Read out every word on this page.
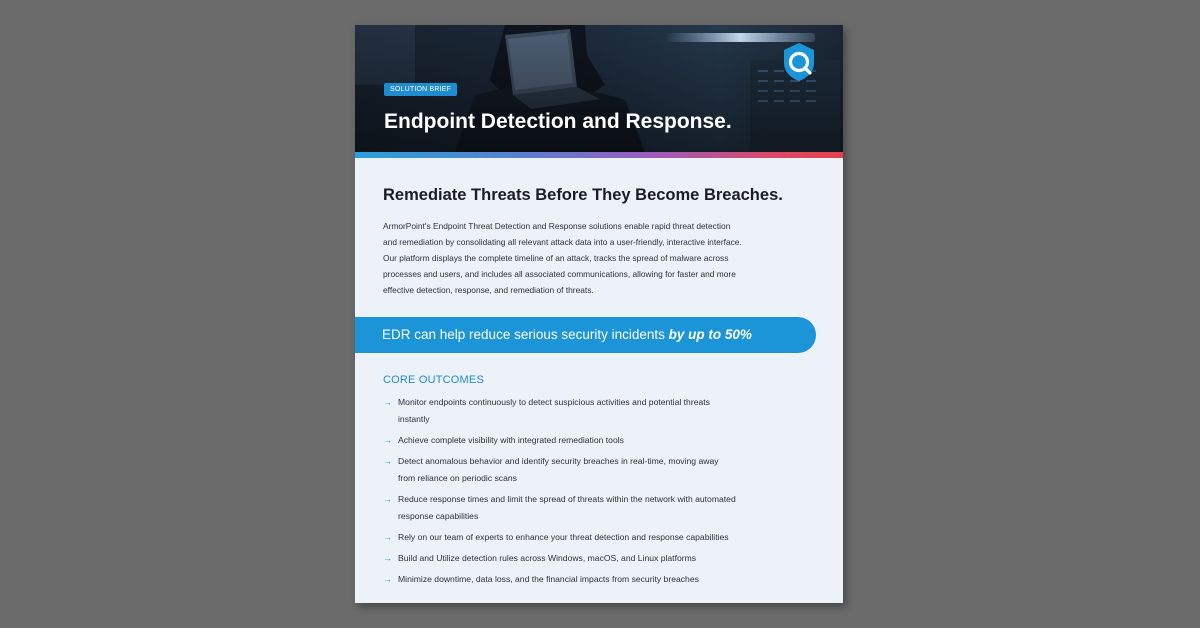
SOLUTION BRIEF
Endpoint Detection and Response.
Remediate Threats Before They Become Breaches.

ArmorPoint's Endpoint Threat Detection and Response solutions enable rapid threat detection

and remediation by consolidating all relevant attack data into a user-friendly, interactive interface.

Our platform displays the complete timeline of an attack, tracks the spread of malware across

processes and users, and includes all associated communications, allowing for faster and more

effective detection, response, and remediation of threats.

EDR can help reduce serious security incidents by up to 50%
CORE OUTCOMES
→ Monitor endpoints continuously to detect suspicious activities and potential threats
instantly
→ Achieve complete visibility with integrated remediation tools
→ Detect anomalous behavior and identify security breaches in real-time, moving away
from reliance on periodic scans
→ Reduce response times and limit the spread of threats within the network with automated
response capabilities
→ Rely on our team of experts to enhance your threat detection and response capabilities
→ Build and Utilize detection rules across Windows, macOS, and Linux platforms
→ Minimize downtime, data loss, and the financial impacts from security breaches
